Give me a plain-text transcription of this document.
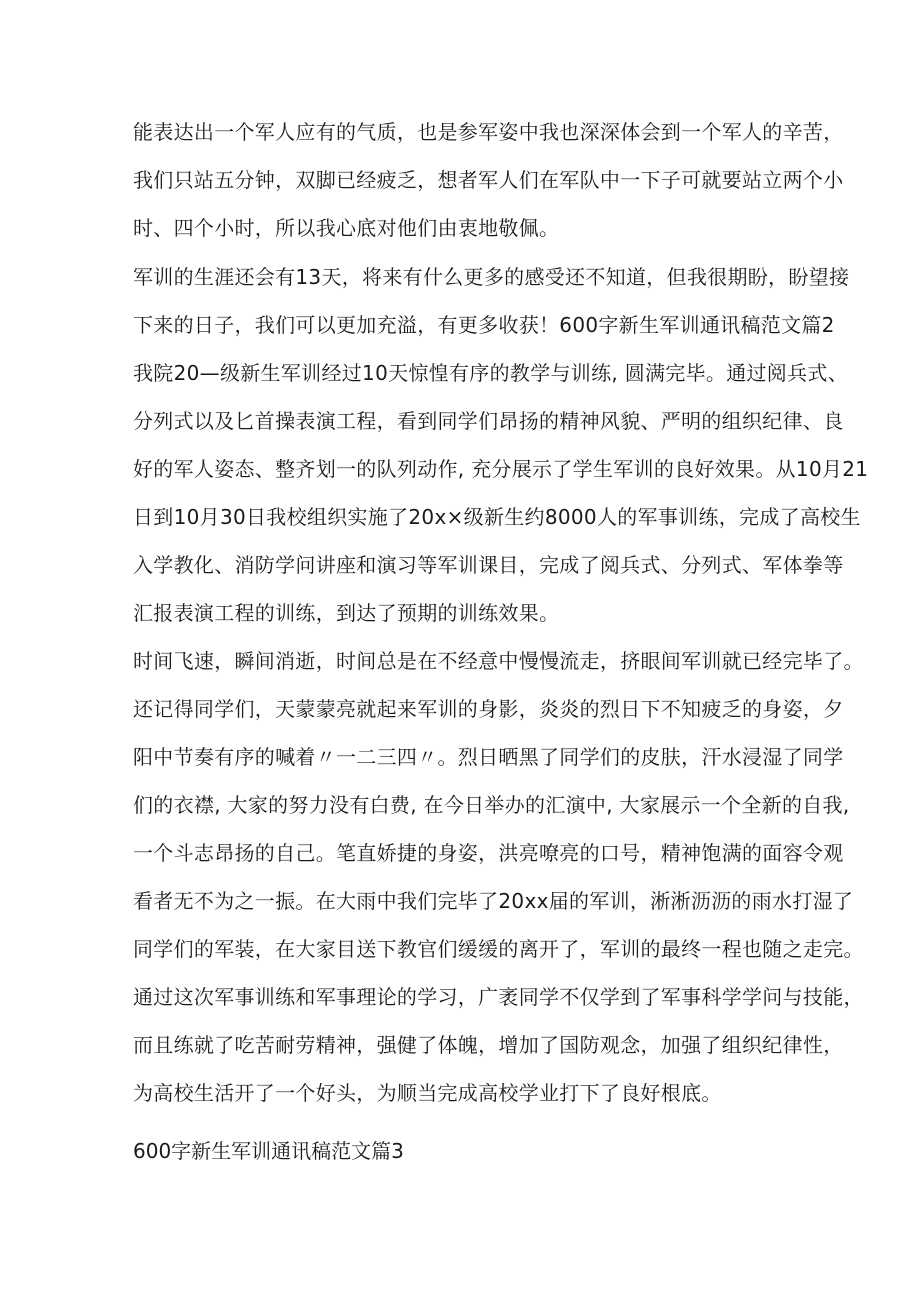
能表达出一个军人应有的气质，也是参军姿中我也深深体会到一个军人的辛苦，
我们只站五分钟，双脚已经疲乏，想者军人们在军队中一下子可就要站立两个小
时、四个小时，所以我心底对他们由衷地敬佩。
军训的生涯还会有13天，将来有什么更多的感受还不知道，但我很期盼，盼望接
下来的日子，我们可以更加充溢，有更多收获！600字新生军训通讯稿范文篇2
我院20—级新生军训经过10天惊惶有序的教学与训练, 圆满完毕。通过阅兵式、
分列式以及匕首操表演工程，看到同学们昂扬的精神风貌、严明的组织纪律、良
好的军人姿态、整齐划一的队列动作, 充分展示了学生军训的良好效果。从10月21
日到10月30日我校组织实施了20x×级新生约8000人的军事训练，完成了高校生
入学教化、消防学问讲座和演习等军训课目，完成了阅兵式、分列式、军体拳等
汇报表演工程的训练，到达了预期的训练效果。
时间飞速，瞬间消逝，时间总是在不经意中慢慢流走，挤眼间军训就已经完毕了。
还记得同学们，天蒙蒙亮就起来军训的身影，炎炎的烈日下不知疲乏的身姿，夕
阳中节奏有序的喊着〃一二三四〃。烈日晒黑了同学们的皮肤，汗水浸湿了同学
们的衣襟, 大家的努力没有白费, 在今日举办的汇演中, 大家展示一个全新的自我,
一个斗志昂扬的自己。笔直娇捷的身姿，洪亮嘹亮的口号，精神饱满的面容令观
看者无不为之一振。在大雨中我们完毕了20xx届的军训，淅淅沥沥的雨水打湿了
同学们的军装，在大家目送下教官们缓缓的离开了，军训的最终一程也随之走完。
通过这次军事训练和军事理论的学习，广袤同学不仅学到了军事科学学问与技能，
而且练就了吃苦耐劳精神，强健了体魄，增加了国防观念，加强了组织纪律性，
为高校生活开了一个好头，为顺当完成高校学业打下了良好根底。
600字新生军训通讯稿范文篇3
